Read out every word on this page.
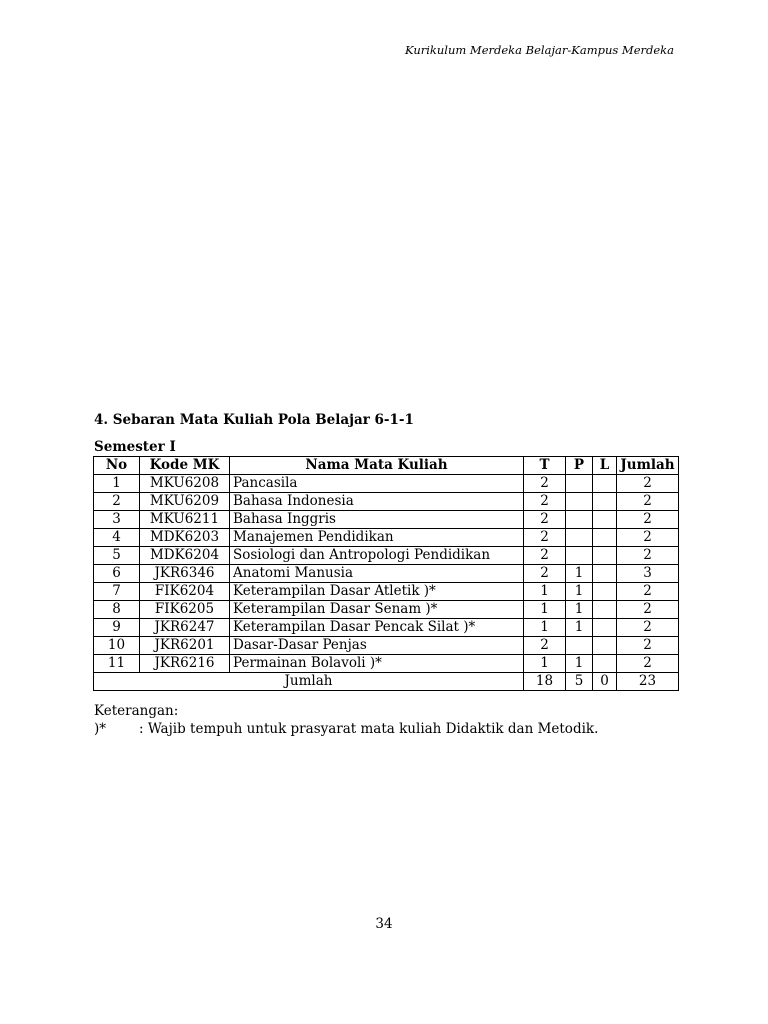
Kurikulum Merdeka Belajar-Kampus Merdeka
4. Sebaran Mata Kuliah Pola Belajar 6-1-1
Semester I
No	Kode MK	Nama Mata Kuliah	T	P	L	Jumlah
1	MKU6208	Pancasila	2			2
2	MKU6209	Bahasa Indonesia	2			2
3	MKU6211	Bahasa Inggris	2			2
4	MDK6203	Manajemen Pendidikan	2			2
5	MDK6204	Sosiologi dan Antropologi Pendidikan	2			2
6	JKR6346	Anatomi Manusia	2	1		3
7	FIK6204	Keterampilan Dasar Atletik )*	1	1		2
8	FIK6205	Keterampilan Dasar Senam )*	1	1		2
9	JKR6247	Keterampilan Dasar Pencak Silat )*	1	1		2
10	JKR6201	Dasar-Dasar Penjas	2			2
11	JKR6216	Permainan Bolavoli )*	1	1		2
Jumlah			18	5	0	23
Keterangan:
)*	: Wajib tempuh untuk prasyarat mata kuliah Didaktik dan Metodik.
34
